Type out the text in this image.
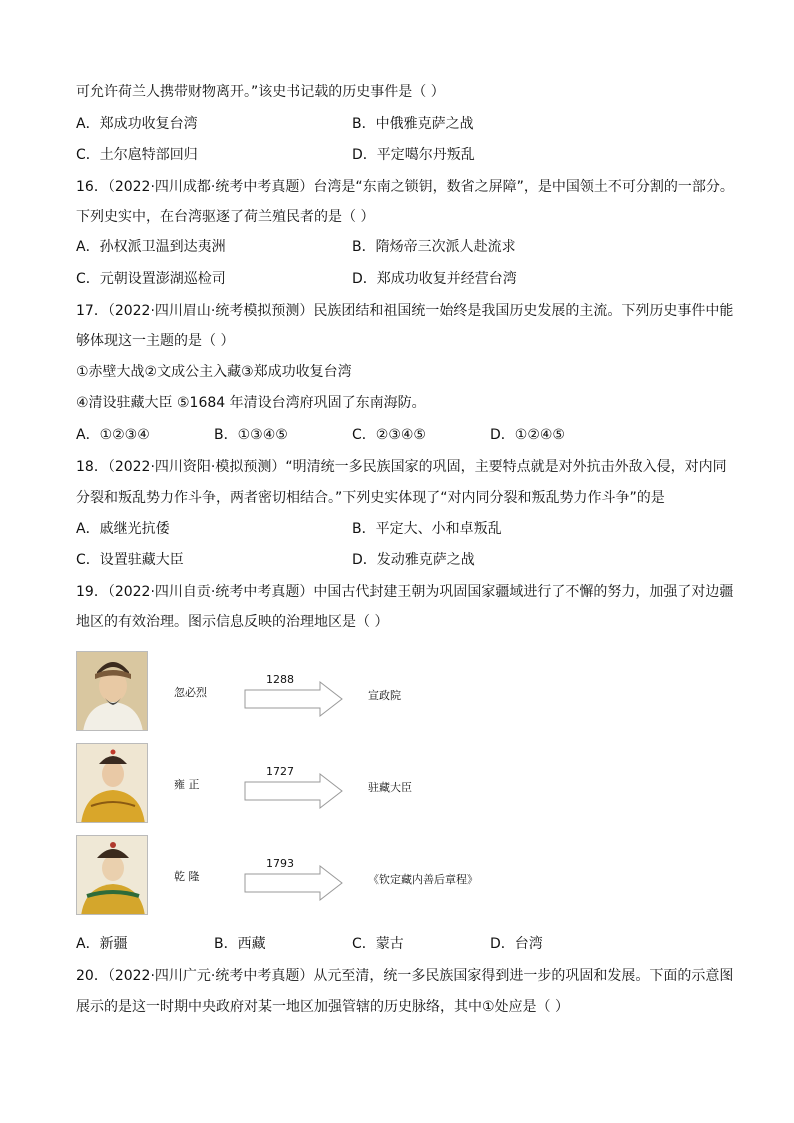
可允许荷兰人携带财物离开。”该史书记载的历史事件是（ ）
A．郑成功收复台湾	B．中俄雅克萨之战
C．土尔扈特部回归	D．平定噶尔丹叛乱
16．（2022·四川成都·统考中考真题）台湾是“东南之锁钥，数省之屏障”，是中国领土不可分割的一部分。
下列史实中，在台湾驱逐了荷兰殖民者的是（ ）
A．孙权派卫温到达夷洲	B．隋炀帝三次派人赴流求
C．元朝设置澎湖巡检司	D．郑成功收复并经营台湾
17．（2022·四川眉山·统考模拟预测）民族团结和祖国统一始终是我国历史发展的主流。下列历史事件中能
够体现这一主题的是（ ）
①赤壁大战②文成公主入藏③郑成功收复台湾
④清设驻藏大臣 ⑤1684 年清设台湾府巩固了东南海防。
A．①②③④	B．①③④⑤	C．②③④⑤	D．①②④⑤
18．（2022·四川资阳·模拟预测）“明清统一多民族国家的巩固，主要特点就是对外抗击外敌入侵，对内同
分裂和叛乱势力作斗争，两者密切相结合。”下列史实体现了“对内同分裂和叛乱势力作斗争”的是
A．戚继光抗倭	B．平定大、小和卓叛乱
C．设置驻藏大臣	D．发动雅克萨之战
19．（2022·四川自贡·统考中考真题）中国古代封建王朝为巩固国家疆域进行了不懈的努力，加强了对边疆
地区的有效治理。图示信息反映的治理地区是（ ）
忽必烈
1288
宣政院
雍 正
1727
驻藏大臣
乾 隆
1793
《钦定藏内善后章程》
A．新疆	B．西藏	C．蒙古	D．台湾
20．（2022·四川广元·统考中考真题）从元至清，统一多民族国家得到进一步的巩固和发展。下面的示意图
展示的是这一时期中央政府对某一地区加强管辖的历史脉络，其中①处应是（ ）
